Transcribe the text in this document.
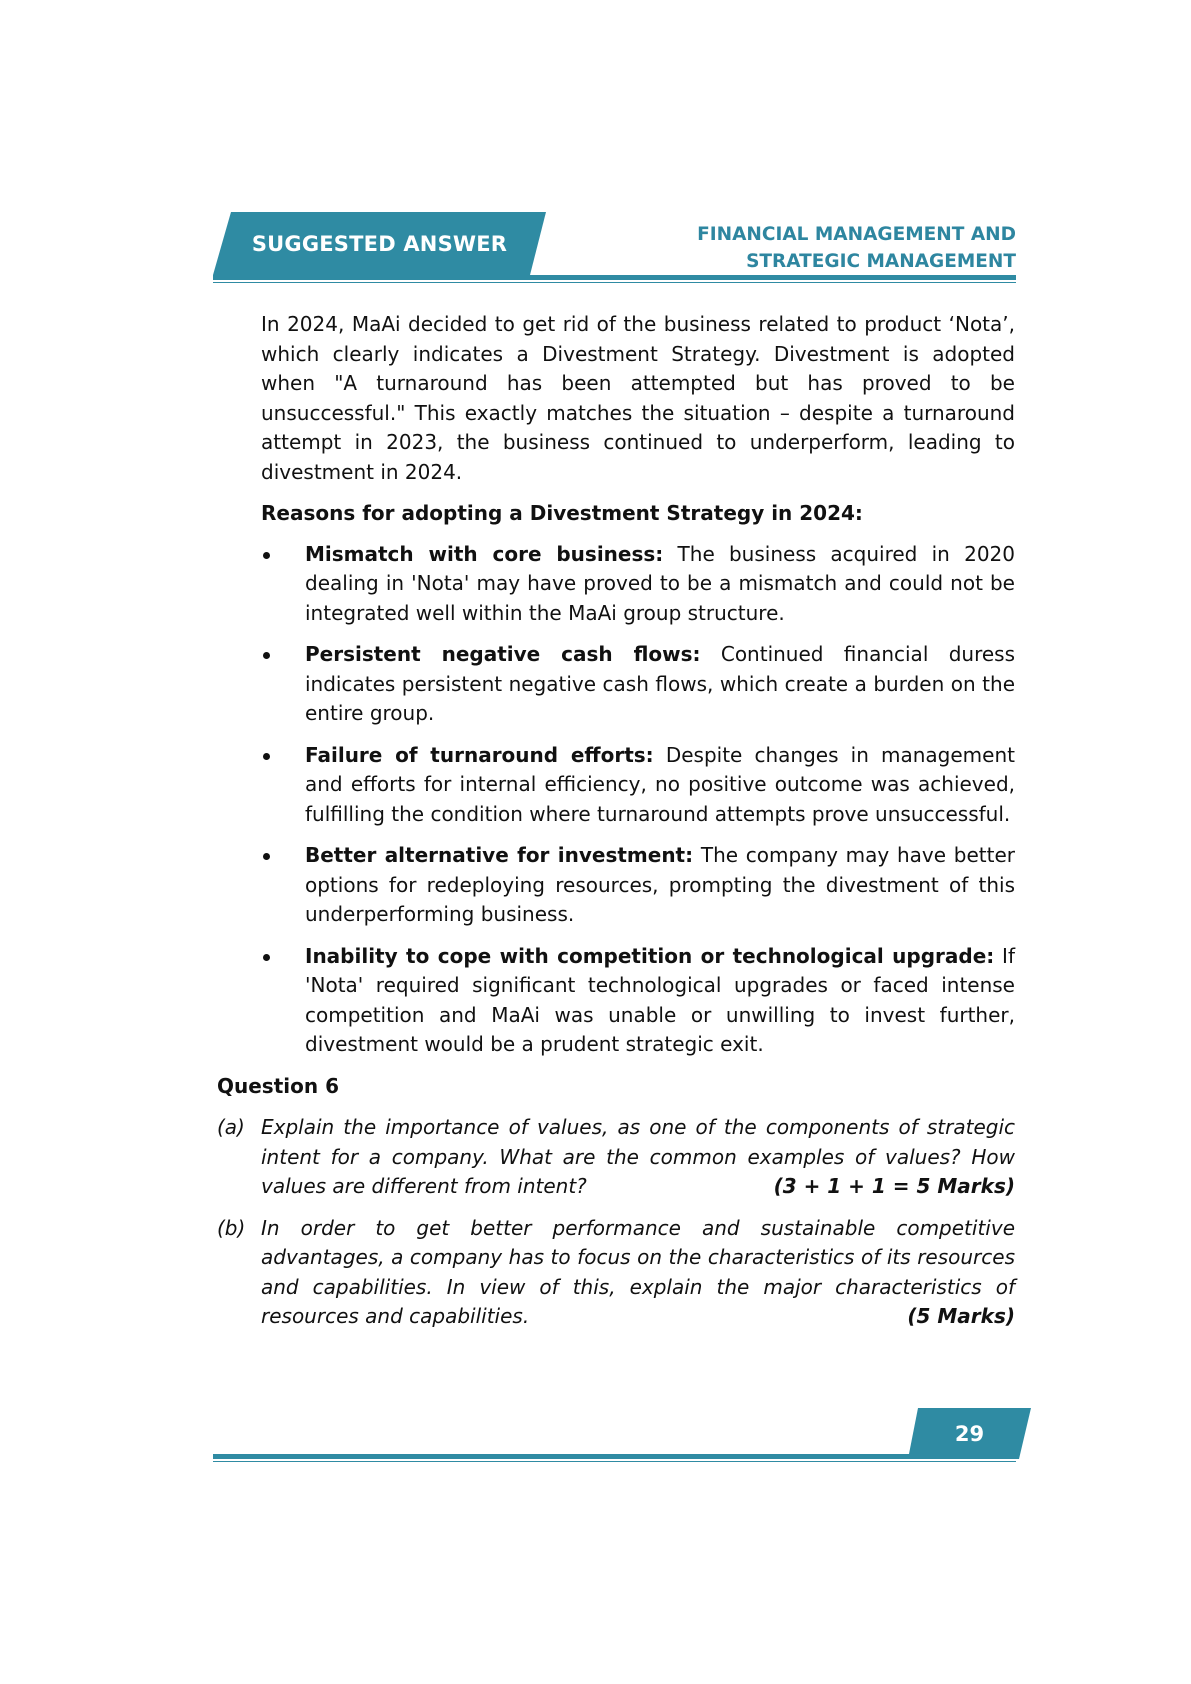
SUGGESTED ANSWER	FINANCIAL MANAGEMENT AND
STRATEGIC MANAGEMENT

In 2024, MaAi decided to get rid of the business related to product ‘Nota’, which clearly indicates a Divestment Strategy. Divestment is adopted when "A turnaround has been attempted but has proved to be unsuccessful." This exactly matches the situation – despite a turnaround attempt in 2023, the business continued to underperform, leading to divestment in 2024.

Reasons for adopting a Divestment Strategy in 2024:

Mismatch with core business: The business acquired in 2020 dealing in 'Nota' may have proved to be a mismatch and could not be integrated well within the MaAi group structure.
Persistent negative cash flows: Continued financial duress indicates persistent negative cash flows, which create a burden on the entire group.
Failure of turnaround efforts: Despite changes in management and efforts for internal efficiency, no positive outcome was achieved, fulfilling the condition where turnaround attempts prove unsuccessful.
Better alternative for investment: The company may have better options for redeploying resources, prompting the divestment of this underperforming business.
Inability to cope with competition or technological upgrade: If 'Nota' required significant technological upgrades or faced intense competition and MaAi was unable or unwilling to invest further, divestment would be a prudent strategic exit.

Question 6

(a) Explain the importance of values, as one of the components of strategic intent for a company. What are the common examples of values? How values are different from intent?	(3 + 1 + 1 = 5 Marks)
(b) In order to get better performance and sustainable competitive advantages, a company has to focus on the characteristics of its resources and capabilities. In view of this, explain the major characteristics of resources and capabilities.	(5 Marks)
29
